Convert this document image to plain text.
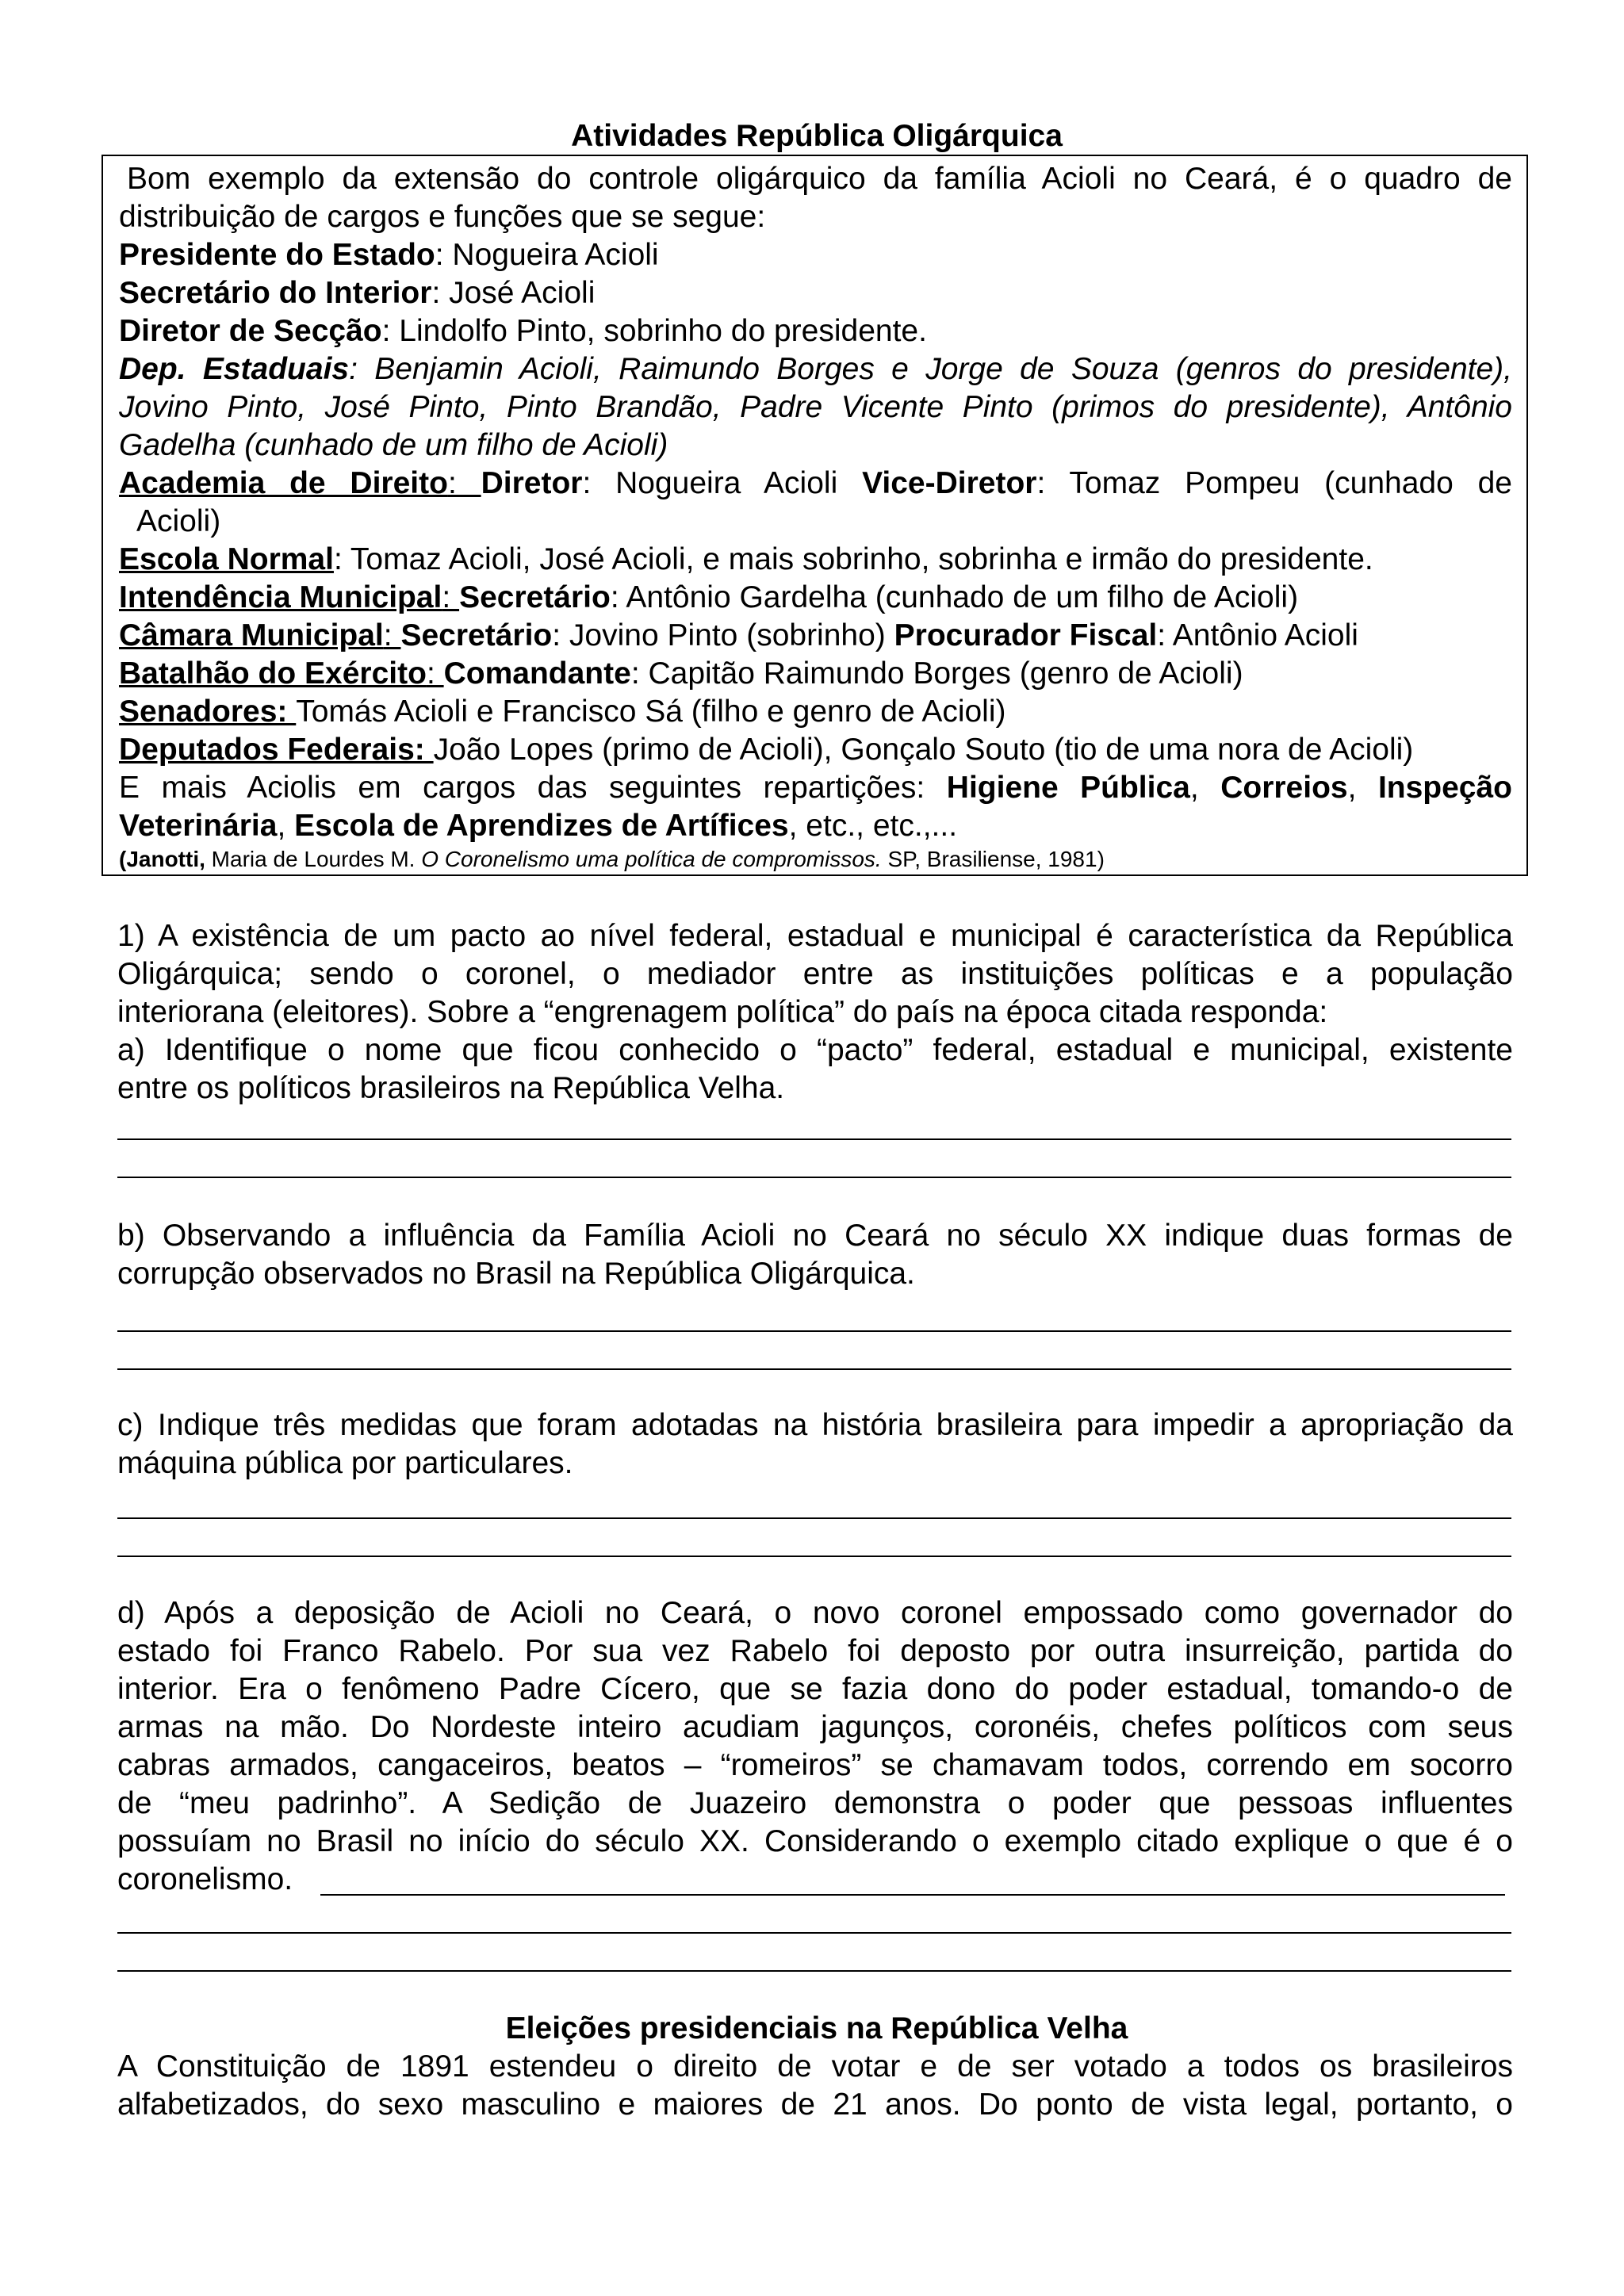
Atividades República Oligárquica

Bom exemplo da extensão do controle oligárquico da família Acioli no Ceará, é o quadro de

distribuição de cargos e funções que se segue:

Presidente do Estado: Nogueira Acioli

Secretário do Interior: José Acioli

Diretor de Secção: Lindolfo Pinto, sobrinho do presidente.

Dep. Estaduais: Benjamin Acioli, Raimundo Borges e Jorge de Souza (genros do presidente),

Jovino Pinto, José Pinto, Pinto Brandão, Padre Vicente Pinto (primos do presidente), Antônio

Gadelha (cunhado de um filho de Acioli)

Academia de Direito: Diretor: Nogueira Acioli Vice-Diretor: Tomaz Pompeu (cunhado de

Acioli)

Escola Normal: Tomaz Acioli, José Acioli, e mais sobrinho, sobrinha e irmão do presidente.

Intendência Municipal: Secretário: Antônio Gardelha (cunhado de um filho de Acioli)

Câmara Municipal: Secretário: Jovino Pinto (sobrinho) Procurador Fiscal: Antônio Acioli

Batalhão do Exército: Comandante: Capitão Raimundo Borges (genro de Acioli)

Senadores: Tomás Acioli e Francisco Sá (filho e genro de Acioli)

Deputados Federais: João Lopes (primo de Acioli), Gonçalo Souto (tio de uma nora de Acioli)

E mais Aciolis em cargos das seguintes repartições: Higiene Pública, Correios, Inspeção

Veterinária, Escola de Aprendizes de Artífices, etc., etc.,...

(Janotti, Maria de Lourdes M. O Coronelismo uma política de compromissos. SP, Brasiliense, 1981)

1) A existência de um pacto ao nível federal, estadual e municipal é característica da República

Oligárquica; sendo o coronel, o mediador entre as instituições políticas e a população

interiorana (eleitores). Sobre a “engrenagem política” do país na época citada responda:

a) Identifique o nome que ficou conhecido o “pacto” federal, estadual e municipal, existente

entre os políticos brasileiros na República Velha.

b) Observando a influência da Família Acioli no Ceará no século XX indique duas formas de

corrupção observados no Brasil na República Oligárquica.

c) Indique três medidas que foram adotadas na história brasileira para impedir a apropriação da

máquina pública por particulares.

d) Após a deposição de Acioli no Ceará, o novo coronel empossado como governador do

estado foi Franco Rabelo. Por sua vez Rabelo foi deposto por outra insurreição, partida do

interior. Era o fenômeno Padre Cícero, que se fazia dono do poder estadual, tomando-o de

armas na mão. Do Nordeste inteiro acudiam jagunços, coronéis, chefes políticos com seus

cabras armados, cangaceiros, beatos – “romeiros” se chamavam todos, correndo em socorro

de “meu padrinho”. A Sedição de Juazeiro demonstra o poder que pessoas influentes

possuíam no Brasil no início do século XX. Considerando o exemplo citado explique o que é o

coronelismo.

Eleições presidenciais na República Velha

A Constituição de 1891 estendeu o direito de votar e de ser votado a todos os brasileiros

alfabetizados, do sexo masculino e maiores de 21 anos. Do ponto de vista legal, portanto, o
